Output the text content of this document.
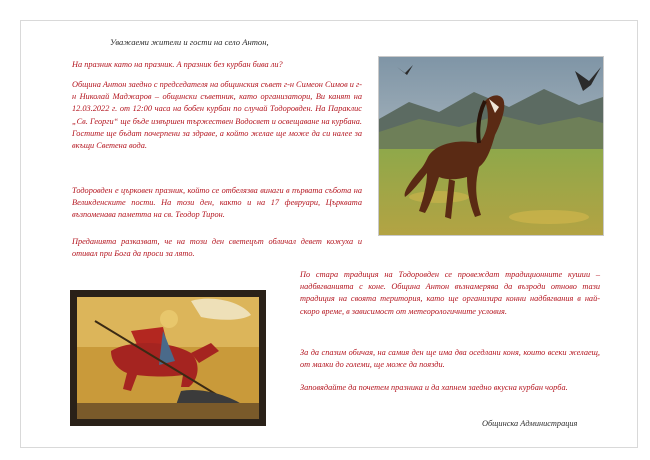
Уважаеми жители и гости на село Антон,
На празник като на празник. А празник без курбан бива ли?
Община Антон заедно с председателя на общинския съвет г-н Симеон Симов и г-н Николай Маджаров – общински съветник, като организатори, Ви канят на 12.03.2022 г. от 12:00 часа на бобен курбан по случай Тодоровден. На Параклис „Св. Георги“ ще бъде извършен тържествен Водосвет и освещаване на курбана. Гостите ще бъдат почерпени за здраве, а който желае ще може да си налее за вкъщи Светена вода.
Тодоровден е църковен празник, който се отбелязва винаги в първата събота на Великденските пости. На този ден, както и на 17 февруари, Църквата възпоменава паметта на св. Теодор Тирон.
Преданията разказват, че на този ден светецът обличал девет кожуха и отивал при Бога да проси за лято.
По стара традиция на Тодоровден се провеждат традиционните кушии – надбягванията с коне. Община Антон възнамерява да възроди отново тази традиция на своята територия, като ще организира конни надбягвания в най-скоро време, в зависимост от метеорологичните условия.
За да спазим обичая, на самия ден ще има два оседлани коня, които всеки желаещ, от малки до големи, ще може да поязди.
Заповядайте да почетем празника и да хапнем заедно вкусна курбан чорба.
Общинска Администрация
